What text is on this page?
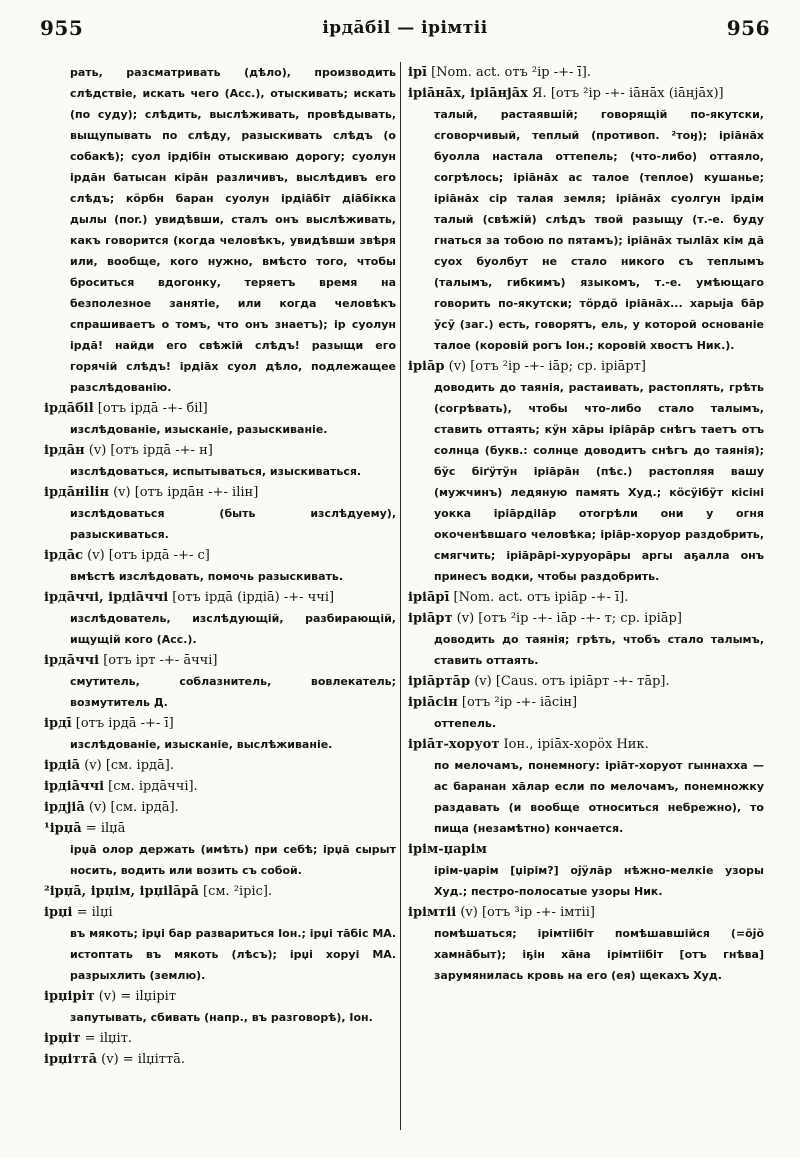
955	ірдāбіl — ірімтіі	956

рать, разсматривать (дѣло), производить слѣдствіе, искать чего (Acc.), отыскивать; искать (по суду); слѣдить, выслѣживать, провѣдывать, выщупывать по слѣду, разыскивать слѣдъ (о собакѣ); суол ірдібін отыскиваю дорогу; суолун ірдāн батысан кірāн различивъ, выслѣдивъ его слѣдъ; кӧрбн баран суолун ірдіāбіт дiāбікка дылы (поr.) увидѣвши, сталъ онъ выслѣживать, какъ говорится (когда человѣкъ, увидѣвши звѣря или, вообще, кого нужно, вмѣсто того, чтобы броситься вдогонку, теряетъ время на безполезное занятіе, или когда человѣкъ спрашиваетъ о томъ, что онъ знаетъ); ір суолун ірдā! найди его свѣжій слѣдъ! разыщи его горячій слѣдъ! ірдіāх суол дѣло, подлежащее разслѣдованію.

ірдāбіl [отъ ірдā -+- біl]

изслѣдованіе, изысканіе, разыскиваніе.

ірдāн (v) [отъ ірдā -+- н]

изслѣдоваться, испытываться, изыскиваться.

ірдāнiliн (v) [отъ ірдāн -+- ilін]

изслѣдоваться (быть изслѣдуему), разыскиваться.

ірдāс (v) [отъ ірдā -+- с]

вмѣстѣ изслѣдовать, помочь разыскивать.

ірдāччі, ірдіāччі [отъ ірдā (ірдіā) -+- ччі]

изслѣдователь, изслѣдующій, разбирающій, ищущій кого (Acc.).

ірдāччі [отъ ірт -+- āччі]

смутитель, соблазнитель, вовлекатель; возмутитель Д.

ірдī [отъ ірдā -+- ī]

изслѣдованіе, изысканіе, выслѣживаніе.

ірдіā (v) [см. ірдā].

ірдіāччі [см. ірдāччі].

ірдјіā (v) [см. ірдā].

¹ірџā = ilџā

ірџā олор держать (имѣть) при себѣ; ірџā сырыт носить, водить или возить съ собой.

²ірџā, ірџім, ірџіlāрā [см. ²ірiс].

ірџі = ilџі

въ мякоть; ірџі бар развариться Іон.; ірџі тāбіс МА. истоптать въ мякоть (лѣсъ); ірџі хоруі МА. разрыхлить (землю).

ірџірiт (v) = ilџірiт

запутывать, сбивать (напр., въ разговорѣ), Іон.

ірџіт = ilџіт.

ірџіттā (v) = ilџіттā.

ірī [Nom. act. отъ ²ір -+- ī].

іріāнāх, іріāнјāх Я. [отъ ²ір -+- іāнāх (іāнјāх)]

талый, растаявшій; говорящій по-якутски, сговорчивый, теплый (противоп. ²тоӈ); іріāнāх буолла настала оттепель; (что-либо) оттаяло, согрѣлось; іріāнāх ас талое (теплое) кушанье; іріāнāх сір талая земля; іріāнāх суолгун ірдім талый (свѣжій) слѣдъ твой разыщу (т.-е. буду гнаться за тобою по пятамъ); іріāнāх тылlāх кім дā суох буолбут не стало никого съ теплымъ (талымъ, гибкимъ) языкомъ, т.-е. умѣющаго говорить по-якутски; тӧрдӧ іріāнāх... харыја бāр ӯсӯ (заг.) есть, говорятъ, ель, у которой основаніе талое (коровій рогъ Іон.; коровій хвостъ Ник.).

іріāр (v) [отъ ²ір -+- іāр; ср. іріāрт]

доводить до таянія, растаивать, растоплять, грѣть (согрѣвать), чтобы что-либо стало талымъ, ставить оттаять; кӱн хāры іріāрāр снѣгъ таетъ отъ солнца (букв.: солнце доводитъ снѣгъ до таянія); бӱс біґӱтӱн іріāрāн (пѣс.) растопляя вашу (мужчинъ) ледяную память Худ.; кӧсӱібӱт кісіні уокка іріāрдіlāр отогрѣли они у огня окоченѣвшаго человѣка; іріāр-хоруор раздобрить, смягчить; іріāрāрі-хуруорāры аргы аҕалла онъ принесъ водки, чтобы раздобрить.

іріāрī [Nom. act. отъ іріāр -+- ī].

іріāрт (v) [отъ ²ір -+- іāр -+- т; ср. іріāр]

доводить до таянія; грѣть, чтобъ стало талымъ, ставить оттаять.

іріāртāр (v) [Caus. отъ іріāрт -+- тāр].

іріāсін [отъ ²ір -+- іāсін]

оттепель.

іріāт-хоруот Іон., іріāх-хорӧх Ник.

по мелочамъ, понемногу: іріāт-хоруот гыннахха — ас баранан хāлар если по мелочамъ, понемножку раздавать (и вообще относиться небрежно), то пища (незамѣтно) кончается.

ірім-џарім

ірім-џарім [џірім?] ојӱлāр нѣжно-мелкіе узоры Худ.; пестро-полосатые узоры Ник.

ірімтіі (v) [отъ ³ір -+- імтіі]

помѣшаться; ірімтіібіт помѣшавшійся (=ӧјӧ хамнāбыт); іҕін хāна ірімтіібіт [отъ гнѣва] зарумянилась кровь на его (ея) щекахъ Худ.
